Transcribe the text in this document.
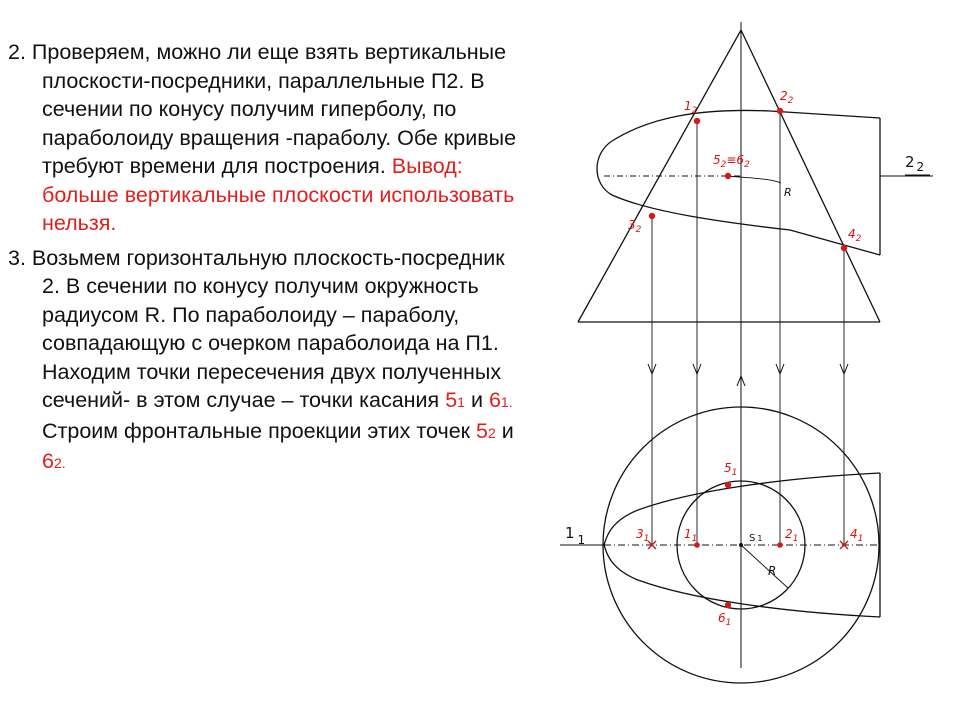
2. Проверяем, можно ли еще взять вертикальные плоскости-посредники, параллельные П2. В сечении по конусу получим гиперболу, по параболоиду вращения -параболу. Обе кривые требуют времени для построения. Вывод: больше вертикальные плоскости использовать нельзя.

3. Возьмем горизонтальную плоскость-посредник 2. В сечении по конусу получим окружность радиусом R. По параболоиду – параболу, совпадающую с очерком параболоида на П1. Находим точки пересечения двух полученных сечений- в этом случае – точки касания 51 и 61. Строим фронтальные проекции этих точек 52 и 62.

$1_2$
$2_2$
$3_2$	$4_2$
$5_2\equiv 6_2$
$5_1$
$6_1$
$3_1$	$1_1$	$2_1$	$4_1$
R
R
S 1
2 $_2$
1 $_1$
